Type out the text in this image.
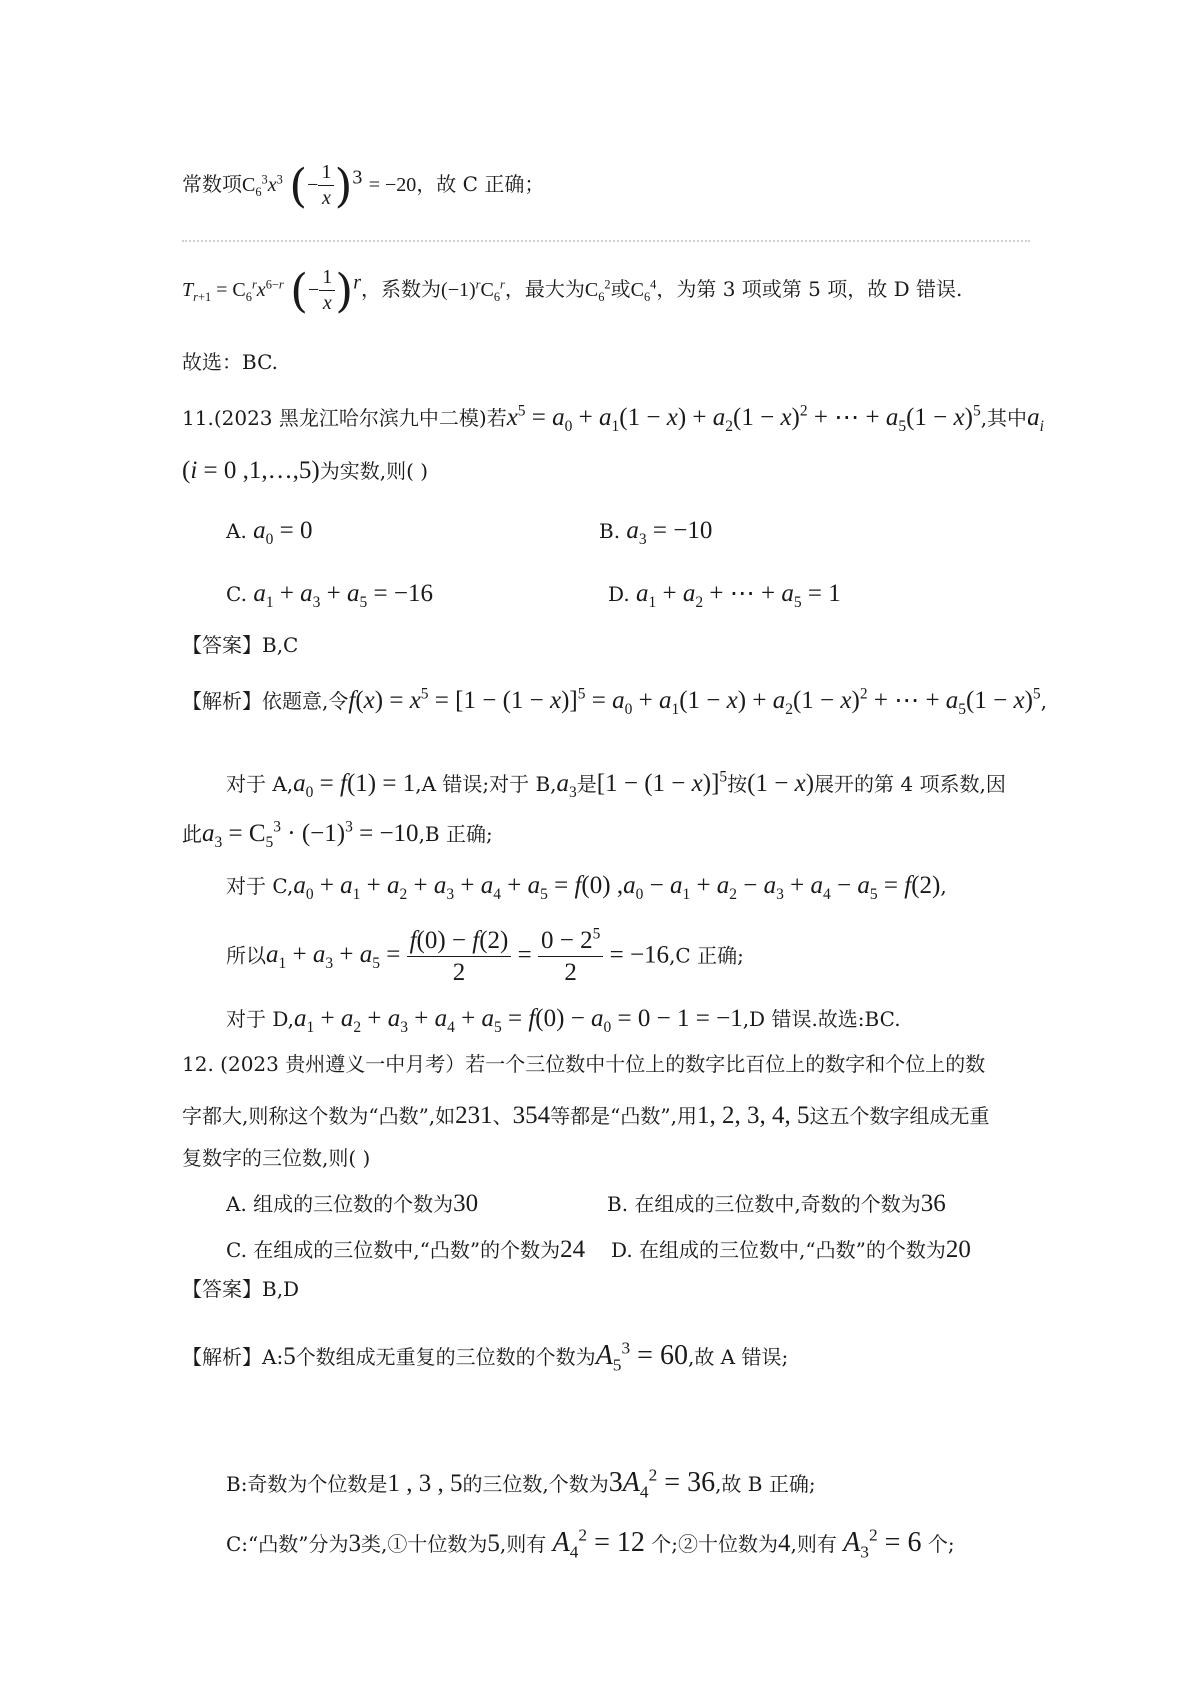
常数项$C_6^3x^3$ (− $\frac{1}{x} )^3 = -20$，故 C 正确；
$T_{r+1} = C_6^rx^{6-r}$ (− $\frac{1}{x} )^r$，系数为$(-1)^rC_6^r$，最大为$C_6^2$或$C_6^4$，为第 3 项或第 5 项，故 D 错误.
故选：BC.
11.(2023 黑龙江哈尔滨九中二模)若$x^5 = a_0 + a_1(1 - x) + a_2(1 - x)^2$ + ⋯ + $a_5(1 - x)^5$,其中$a_i$
(i = 0 ,1,…,5)为实数,则( )
A. $a_0 = 0$	B. $a_3 = -10$
C. $a_1 + a_3 + a_5 = -16$	D. $a_1 + a_2$ + ⋯ + $a_5 = 1$
【答案】B,C
【解析】依题意,令$f(x) = x^5 = [1 - (1 - x)]^5 = a_0 + a_1(1 - x) + a_2(1 - x)^2$ + ⋯ + $a_5(1 - x)^5$,
对于 $A,a_0 = f(1) = 1,A$ 错误;对于 $B,a_3$是$[1 - (1 - x)]^5$按(1 − x)展开的第 4 项系数,因
此$a_3 = C_5^3 \cdot (-1)^3 = -10,B$ 正确;
对于 $C,a_0 + a_1 + a_2 + a_3 + a_4 + a_5 = f(0) ,a_0 - a_1 + a_2 - a_3 + a_4 - a_5 = f(2)$,
所以$a_1 + a_3 + a_5 = \frac{f(0) - f(2)}{2} = \frac{0 - 2^5}{2} = -16,C$ 正确;
对于 $D,a_1 + a_2 + a_3 + a_4 + a_5 = f(0) - a_0 = 0 - 1 = -1,D$ 错误.故选:BC.
12. (2023 贵州遵义一中月考）若一个三位数中十位上的数字比百位上的数字和个位上的数
字都大,则称这个数为“凸数”,如231、354等都是“凸数”,用1, 2, 3, 4, 5这五个数字组成无重
复数字的三位数,则( )
A. 组成的三位数的个数为30	B. 在组成的三位数中,奇数的个数为36
C. 在组成的三位数中,“凸数”的个数为24 D. 在组成的三位数中,“凸数”的个数为20
【答案】B,D
【解析】A:5个数组成无重复的三位数的个数为$A_5^3 = 60$,故 A 错误;
B:奇数为个位数是1 , 3 , 5的三位数,个数为$3A_4^2 = 36$,故 B 正确;
C:“凸数”分为3类,①十位数为5,则有 $A_4^2 = 12$ 个;②十位数为4,则有 $A_3^2 = 6$ 个;
